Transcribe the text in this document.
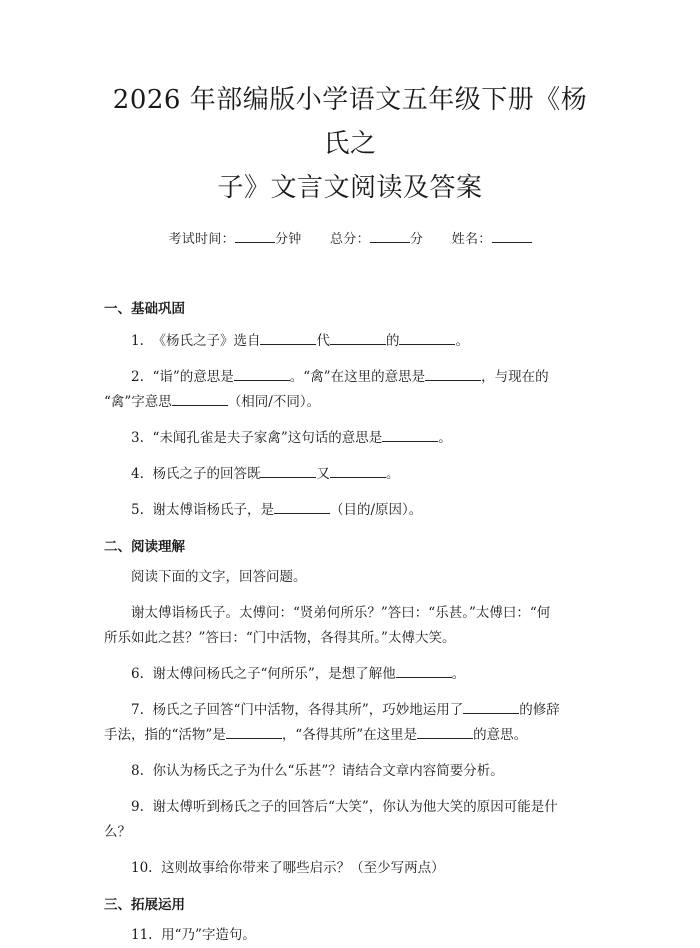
2026 年部编版小学语文五年级下册《杨氏之
子》文言文阅读及答案
考试时间：	分钟 总分：	分 姓名：
一、基础巩固

1. 《杨氏之子》选自	代	的	。

2. “诣”的意思是	。“禽”在这里的意思是	，与现在的

“禽”字意思	（相同/不同）。

3. “未闻孔雀是夫子家禽”这句话的意思是	。

4. 杨氏之子的回答既	又	。

5. 谢太傅诣杨氏子，是	（目的/原因）。

二、阅读理解

阅读下面的文字，回答问题。

谢太傅诣杨氏子。太傅问：“贤弟何所乐？”答曰：“乐甚。”太傅曰：“何

所乐如此之甚？”答曰：“门中活物，各得其所。”太傅大笑。

6. 谢太傅问杨氏之子“何所乐”，是想了解他	。

7. 杨氏之子回答“门中活物，各得其所”，巧妙地运用了	的修辞

手法，指的“活物”是	，“各得其所”在这里是	的意思。

8. 你认为杨氏之子为什么“乐甚”？请结合文章内容简要分析。

9. 谢太傅听到杨氏之子的回答后“大笑”，你认为他大笑的原因可能是什

么？

10. 这则故事给你带来了哪些启示？（至少写两点）

三、拓展运用

11. 用“乃”字造句。
